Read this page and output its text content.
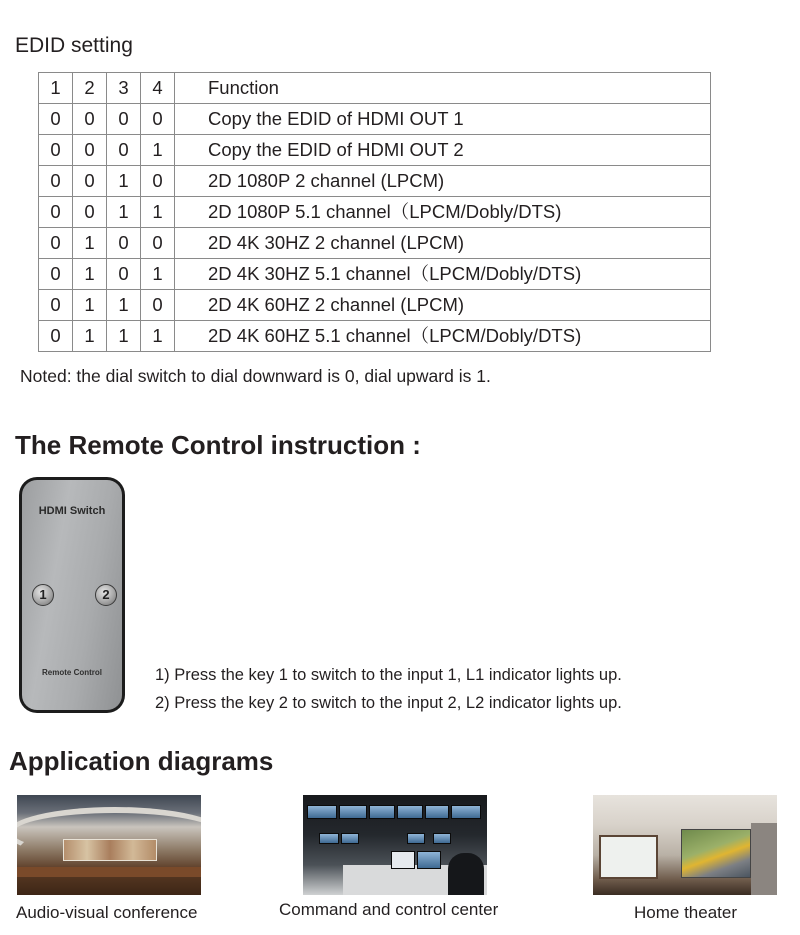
EDID setting
1	2	3	4	Function
0	0	0	0	Copy the EDID of HDMI OUT 1
0	0	0	1	Copy the EDID of HDMI OUT 2
0	0	1	0	2D 1080P 2 channel (LPCM)
0	0	1	1	2D 1080P 5.1 channel（LPCM/Dobly/DTS)
0	1	0	0	2D 4K 30HZ 2 channel (LPCM)
0	1	0	1	2D 4K 30HZ 5.1 channel（LPCM/Dobly/DTS)
0	1	1	0	2D 4K 60HZ 2 channel (LPCM)
0	1	1	1	2D 4K 60HZ 5.1 channel（LPCM/Dobly/DTS)
Noted: the dial switch to dial downward is 0, dial upward is 1.
The Remote Control instruction :
HDMI Switch
1	2
Remote Control	1) Press the key 1 to switch to the input 1, L1 indicator lights up.
2) Press the key 2 to switch to the input 2, L2 indicator lights up.
Application diagrams
Audio-visual conference	Command and control center	Home theater
